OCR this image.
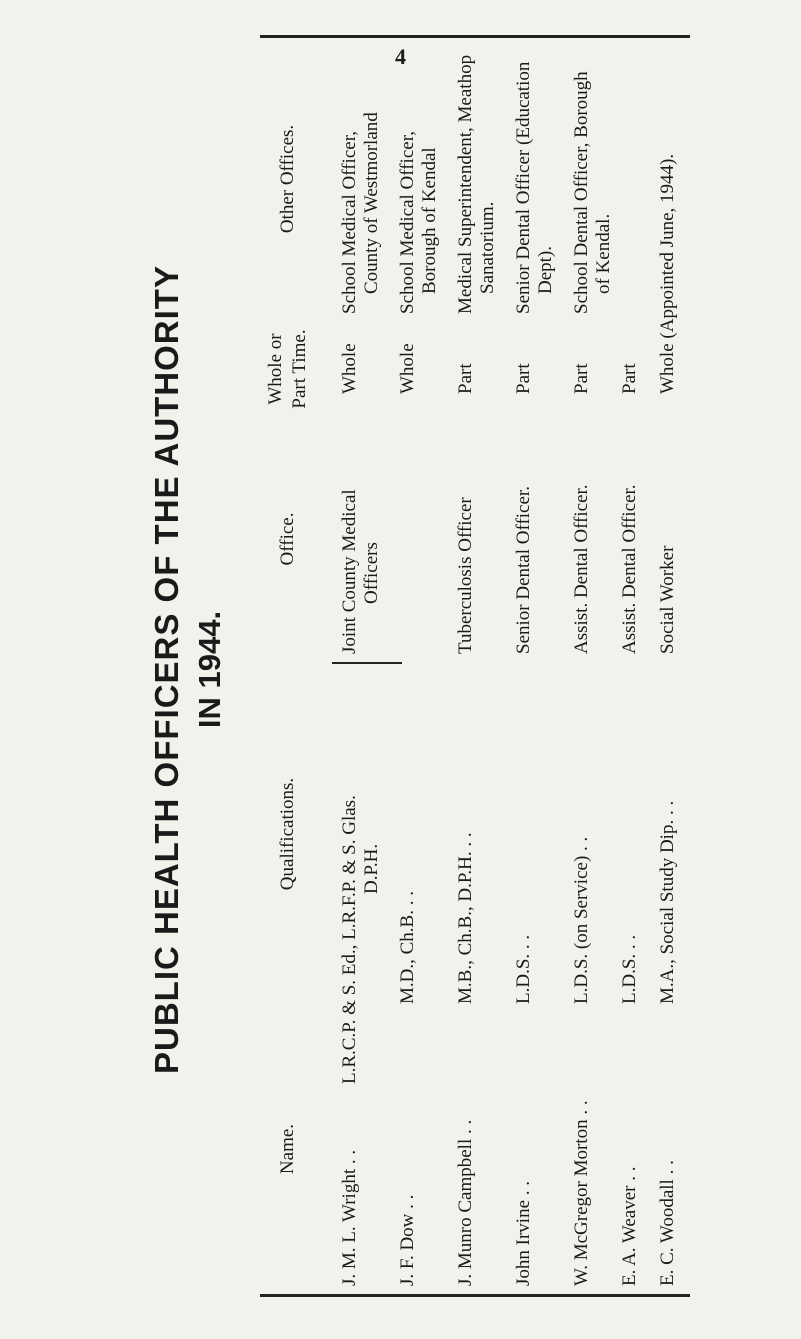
4
PUBLIC HEALTH OFFICERS OF THE AUTHORITY IN 1944.
Name.
Qualifications.
Office.
Whole or Part Time.
Other Offices.
J. M. L. Wright . .
L.R.C.P. & S. Ed., L.R.F.P. & S. Glas. D.P.H.
Joint County Medical Officers
Whole
School Medical Officer, County of Westmorland
J. F. Dow . .
M.D., Ch.B. . .
Whole
School Medical Officer, Borough of Kendal
J. Munro Campbell . .
M.B., Ch.B., D.P.H. . .
Tuberculosis Officer
Part
Medical Superintendent, Meathop Sanatorium.
John Irvine . .
L.D.S. . .
Senior Dental Officer.
Part
Senior Dental Officer (Education Dept).
W. McGregor Morton . .
L.D.S. (on Service) . .
Assist. Dental Officer.
Part
School Dental Officer, Borough of Kendal.
E. A. Weaver . .
L.D.S. . .
Assist. Dental Officer.
Part
E. C. Woodall . .
M.A., Social Study Dip. . .
Social Worker
Whole (Appointed June, 1944).
